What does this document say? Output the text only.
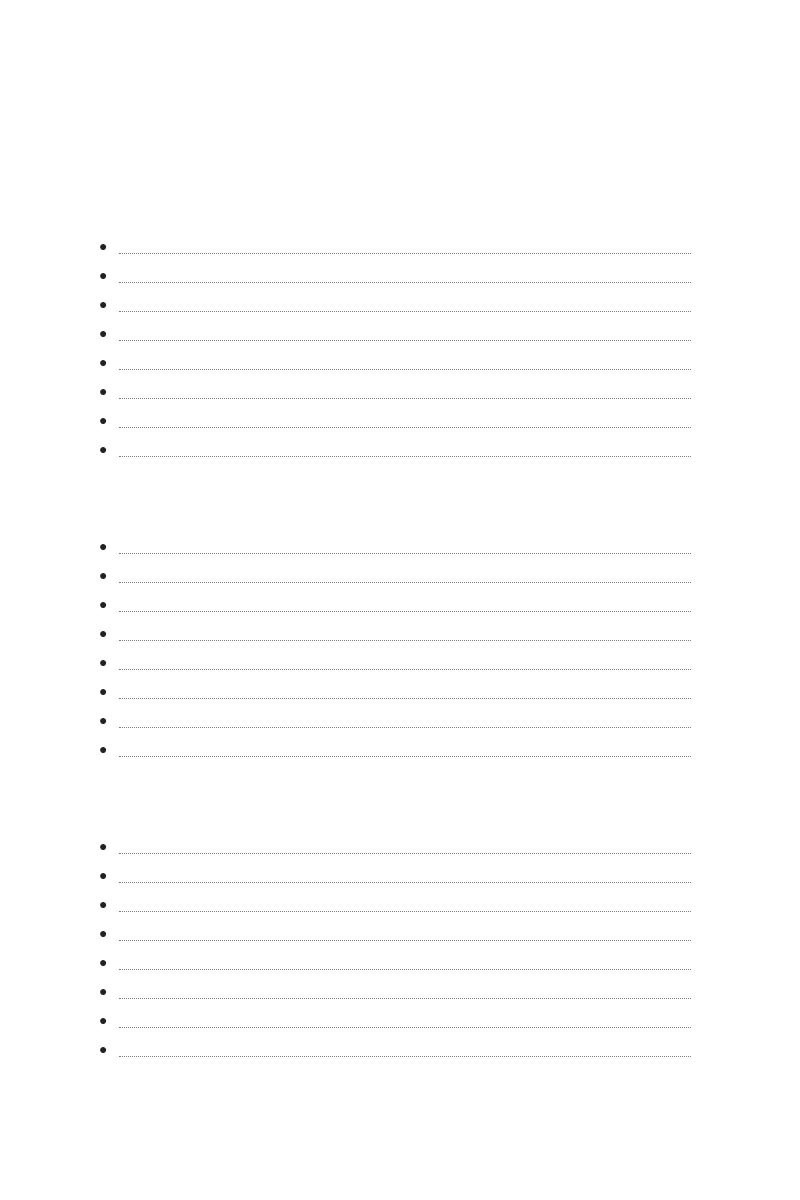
●
●
●
●
●
●
●
●
●
●
●
●
●
●
●
●
●
●
●
●
●
●
●
●
